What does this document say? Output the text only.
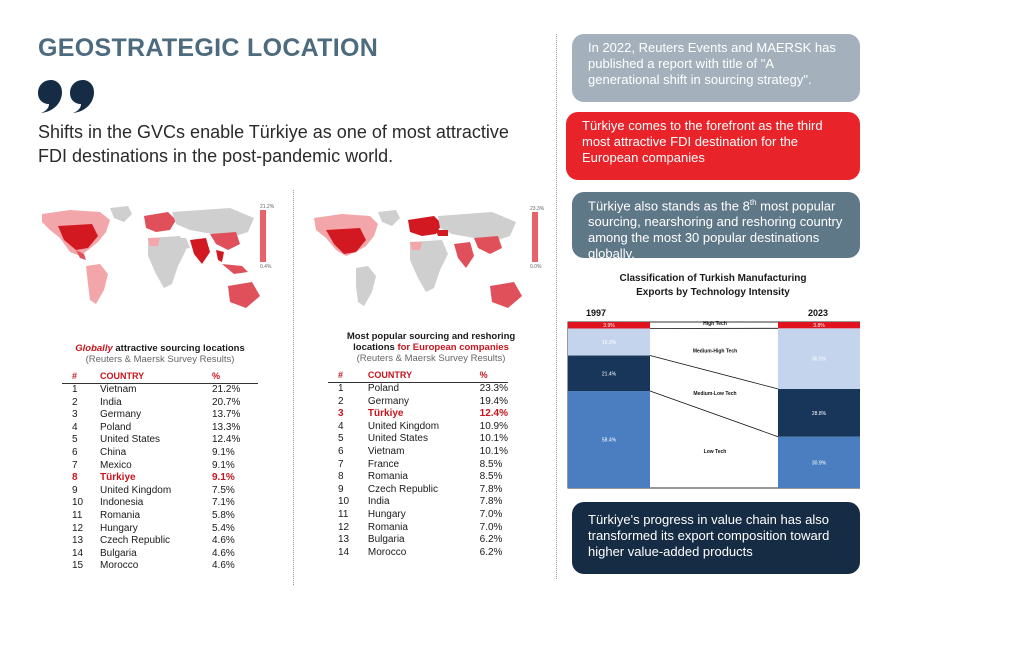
GEOSTRATEGIC LOCATION
Shifts in the GVCs enable Türkiye as one of most attractive FDI destinations in the post-pandemic world.
21.2%
0.4%
23.3%
0.0%
Globally attractive sourcing locations
(Reuters & Maersk Survey Results)
#	COUNTRY	%
1	Vietnam	21.2%
2	India	20.7%
3	Germany	13.7%
4	Poland	13.3%
5	United States	12.4%
6	China	9.1%
7	Mexico	9.1%
8	Türkiye	9.1%
9	United Kingdom	7.5%
10	Indonesia	7.1%
11	Romania	5.8%
12	Hungary	5.4%
13	Czech Republic	4.6%
14	Bulgaria	4.6%
15	Morocco	4.6%
Most popular sourcing and reshoring
locations for European companies
(Reuters & Maersk Survey Results)
#	COUNTRY	%
1	Poland	23.3%
2	Germany	19.4%
3	Türkiye	12.4%
4	United Kingdom	10.9%
5	United States	10.1%
6	Vietnam	10.1%
7	France	8.5%
8	Romania	8.5%
9	Czech Republic	7.8%
10	India	7.8%
11	Hungary	7.0%
12	Romania	7.0%
13	Bulgaria	6.2%
14	Morocco	6.2%
In 2022, Reuters Events and MAERSK has published a report with title of "A generational shift in sourcing strategy".
Türkiye comes to the forefront as the third most attractive FDI destination for the European companies
Türkiye also stands as the 8th most popular sourcing, nearshoring and reshoring country among the most 30 popular destinations globally.
Türkiye's progress in value chain has also transformed its export composition toward higher value-added products
Classification of Turkish Manufacturing Exports by Technology Intensity
1997
58.4%
21.4%
16.3%
3.9%
2023
30.9%
28.8%
36.5%
3.8%
Low Tech
Medium-Low Tech
Medium-High Tech
High Tech
